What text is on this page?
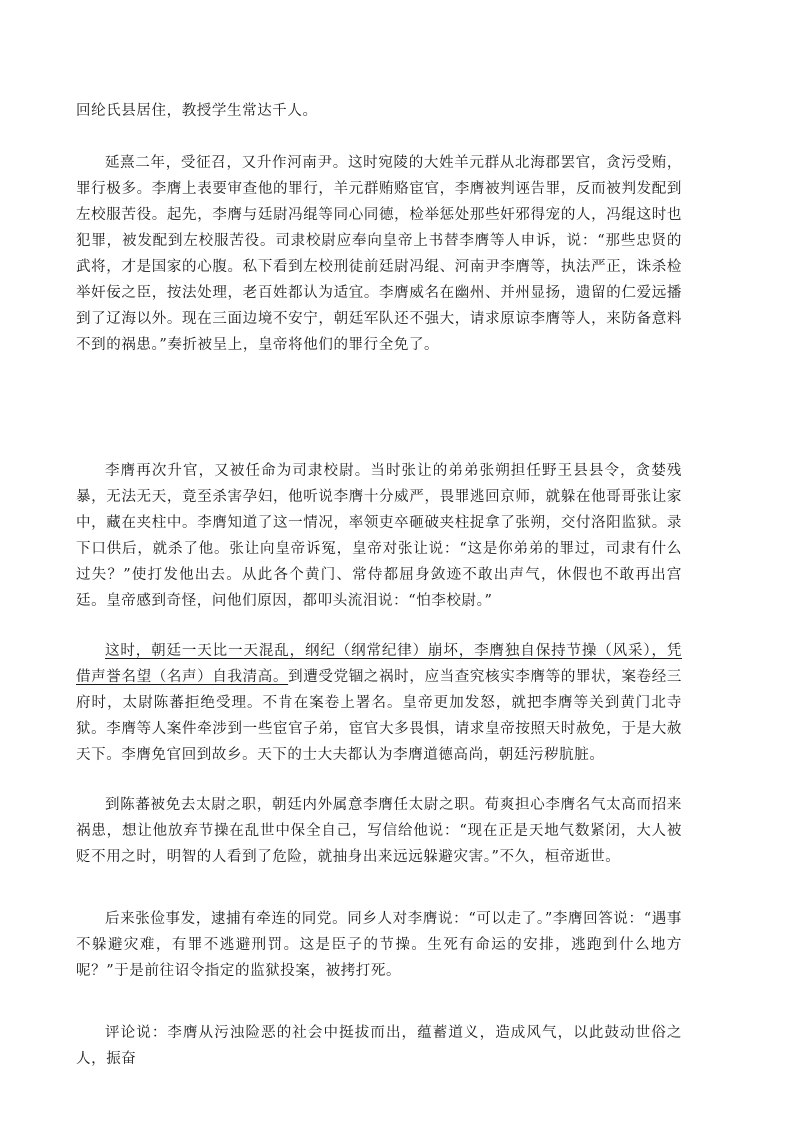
回纶氏县居住，教授学生常达千人。

延熹二年，受征召，又升作河南尹。这时宛陵的大姓羊元群从北海郡罢官，贪污受贿，罪行极多。李膺上表要审查他的罪行，羊元群贿赂宦官，李膺被判诬告罪，反而被判发配到左校服苦役。起先，李膺与廷尉冯绲等同心同德，检举惩处那些奸邪得宠的人，冯绲这时也犯罪，被发配到左校服苦役。司隶校尉应奉向皇帝上书替李膺等人申诉，说：“那些忠贤的武将，才是国家的心腹。私下看到左校刑徒前廷尉冯绲、河南尹李膺等，执法严正，诛杀检举奸佞之臣，按法处理，老百姓都认为适宜。李膺威名在幽州、并州显扬，遗留的仁爱远播到了辽海以外。现在三面边境不安宁，朝廷军队还不强大，请求原谅李膺等人，来防备意料不到的祸患。”奏折被呈上，皇帝将他们的罪行全免了。

李膺再次升官，又被任命为司隶校尉。当时张让的弟弟张朔担任野王县县令，贪婪残暴，无法无天，竟至杀害孕妇，他听说李膺十分威严，畏罪逃回京师，就躲在他哥哥张让家中，藏在夹柱中。李膺知道了这一情况，率领吏卒砸破夹柱捉拿了张朔，交付洛阳监狱。录下口供后，就杀了他。张让向皇帝诉冤，皇帝对张让说：“这是你弟弟的罪过，司隶有什么过失？”使打发他出去。从此各个黄门、常侍都屈身敛迹不敢出声气，休假也不敢再出宫廷。皇帝感到奇怪，问他们原因，都叩头流泪说：“怕李校尉。”

这时，朝廷一天比一天混乱，纲纪（纲常纪律）崩坏，李膺独自保持节操（风采），凭借声誉名望（名声）自我清高。到遭受党锢之祸时，应当查究核实李膺等的罪状，案卷经三府时，太尉陈蕃拒绝受理。不肯在案卷上署名。皇帝更加发怒，就把李膺等关到黄门北寺狱。李膺等人案件牵涉到一些宦官子弟，宦官大多畏惧，请求皇帝按照天时赦免，于是大赦天下。李膺免官回到故乡。天下的士大夫都认为李膺道德高尚，朝廷污秽肮脏。

到陈蕃被免去太尉之职，朝廷内外属意李膺任太尉之职。荀爽担心李膺名气太高而招来祸患，想让他放弃节操在乱世中保全自己，写信给他说：“现在正是天地气数紧闭，大人被贬不用之时，明智的人看到了危险，就抽身出来远远躲避灾害。”不久，桓帝逝世。

后来张俭事发，逮捕有牵连的同党。同乡人对李膺说：“可以走了。”李膺回答说：“遇事不躲避灾难，有罪不逃避刑罚。这是臣子的节操。生死有命运的安排，逃跑到什么地方呢？”于是前往诏令指定的监狱投案，被拷打死。

评论说：李膺从污浊险恶的社会中挺拔而出，蕴蓄道义，造成风气，以此鼓动世俗之人，振奋
